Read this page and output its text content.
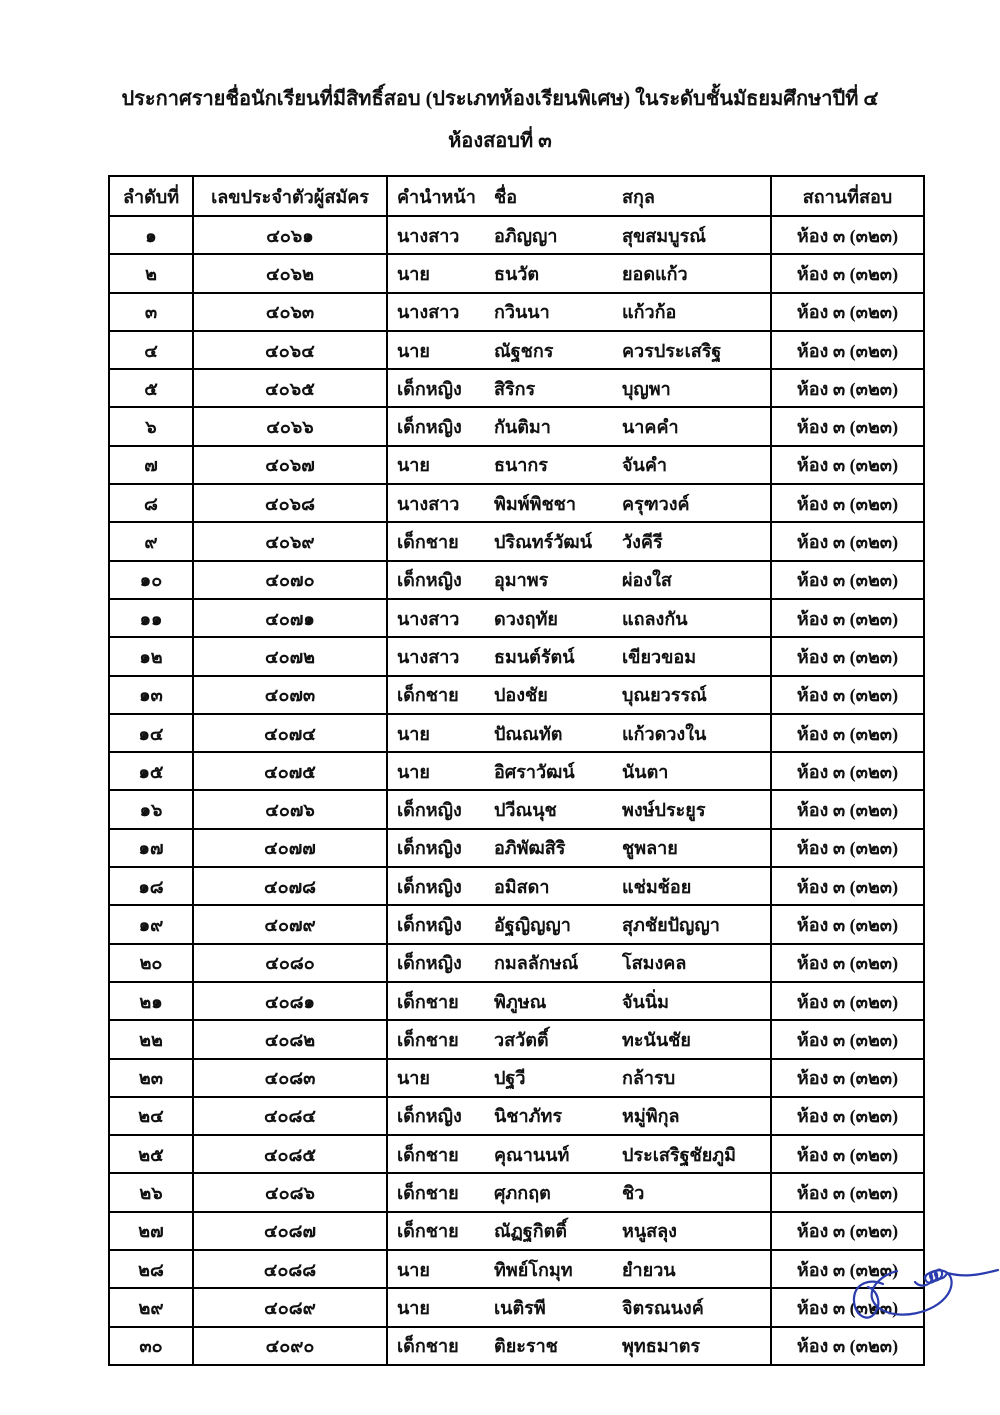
ประกาศรายชื่อนักเรียนที่มีสิทธิ์สอบ (ประเภทห้องเรียนพิเศษ) ในระดับชั้นมัธยมศึกษาปีที่ ๔
ห้องสอบที่ ๓
ลำดับที่	เลขประจำตัวผู้สมัคร	คำนำหน้า ชื่อ สกุล	สถานที่สอบ
๑	๔๐๖๑	นางสาว อภิญญา สุขสมบูรณ์	ห้อง ๓ (๓๒๓)
๒	๔๐๖๒	นาย ธนวัต ยอดแก้ว	ห้อง ๓ (๓๒๓)
๓	๔๐๖๓	นางสาว กวินนา แก้วก้อ	ห้อง ๓ (๓๒๓)
๔	๔๐๖๔	นาย ณัฐชกร ควรประเสริฐ	ห้อง ๓ (๓๒๓)
๕	๔๐๖๕	เด็กหญิง สิริกร บุญพา	ห้อง ๓ (๓๒๓)
๖	๔๐๖๖	เด็กหญิง กันติมา นาคคำ	ห้อง ๓ (๓๒๓)
๗	๔๐๖๗	นาย ธนากร จันคำ	ห้อง ๓ (๓๒๓)
๘	๔๐๖๘	นางสาว พิมพ์พิชชา ครุฑวงค์	ห้อง ๓ (๓๒๓)
๙	๔๐๖๙	เด็กชาย ปริณทร์วัฒน์ วังคีรี	ห้อง ๓ (๓๒๓)
๑๐	๔๐๗๐	เด็กหญิง อุมาพร ผ่องใส	ห้อง ๓ (๓๒๓)
๑๑	๔๐๗๑	นางสาว ดวงฤทัย แถลงกัน	ห้อง ๓ (๓๒๓)
๑๒	๔๐๗๒	นางสาว ธมนต์รัตน์ เขียวขอม	ห้อง ๓ (๓๒๓)
๑๓	๔๐๗๓	เด็กชาย ปองชัย บุณยวรรณ์	ห้อง ๓ (๓๒๓)
๑๔	๔๐๗๔	นาย ปัณณทัต แก้วดวงใน	ห้อง ๓ (๓๒๓)
๑๕	๔๐๗๕	นาย อิศราวัฒน์ นันตา	ห้อง ๓ (๓๒๓)
๑๖	๔๐๗๖	เด็กหญิง ปวีณนุช พงษ์ประยูร	ห้อง ๓ (๓๒๓)
๑๗	๔๐๗๗	เด็กหญิง อภิพัฒสิริ ชูพลาย	ห้อง ๓ (๓๒๓)
๑๘	๔๐๗๘	เด็กหญิง อมิสดา แช่มช้อย	ห้อง ๓ (๓๒๓)
๑๙	๔๐๗๙	เด็กหญิง อัฐญิญญา สุภชัยปัญญา	ห้อง ๓ (๓๒๓)
๒๐	๔๐๘๐	เด็กหญิง กมลลักษณ์ โสมงคล	ห้อง ๓ (๓๒๓)
๒๑	๔๐๘๑	เด็กชาย พิภูษณ จันนิ่ม	ห้อง ๓ (๓๒๓)
๒๒	๔๐๘๒	เด็กชาย วสวัตติ์ ทะนันชัย	ห้อง ๓ (๓๒๓)
๒๓	๔๐๘๓	นาย ปฐวี กล้ารบ	ห้อง ๓ (๓๒๓)
๒๔	๔๐๘๔	เด็กหญิง นิชาภัทร หมู่พิกุล	ห้อง ๓ (๓๒๓)
๒๕	๔๐๘๕	เด็กชาย คุณานนท์ ประเสริฐชัยภูมิ	ห้อง ๓ (๓๒๓)
๒๖	๔๐๘๖	เด็กชาย ศุภกฤต ชิว	ห้อง ๓ (๓๒๓)
๒๗	๔๐๘๗	เด็กชาย ณัฏฐกิตติ์ หนูสลุง	ห้อง ๓ (๓๒๓)
๒๘	๔๐๘๘	นาย ทิพย์โกมุท ยำยวน	ห้อง ๓ (๓๒๓)
๒๙	๔๐๘๙	นาย เนติรพี จิตรณนงค์	ห้อง ๓ (๓๒๓)
๓๐	๔๐๙๐	เด็กชาย ติยะราช พุทธมาตร	ห้อง ๓ (๓๒๓)
